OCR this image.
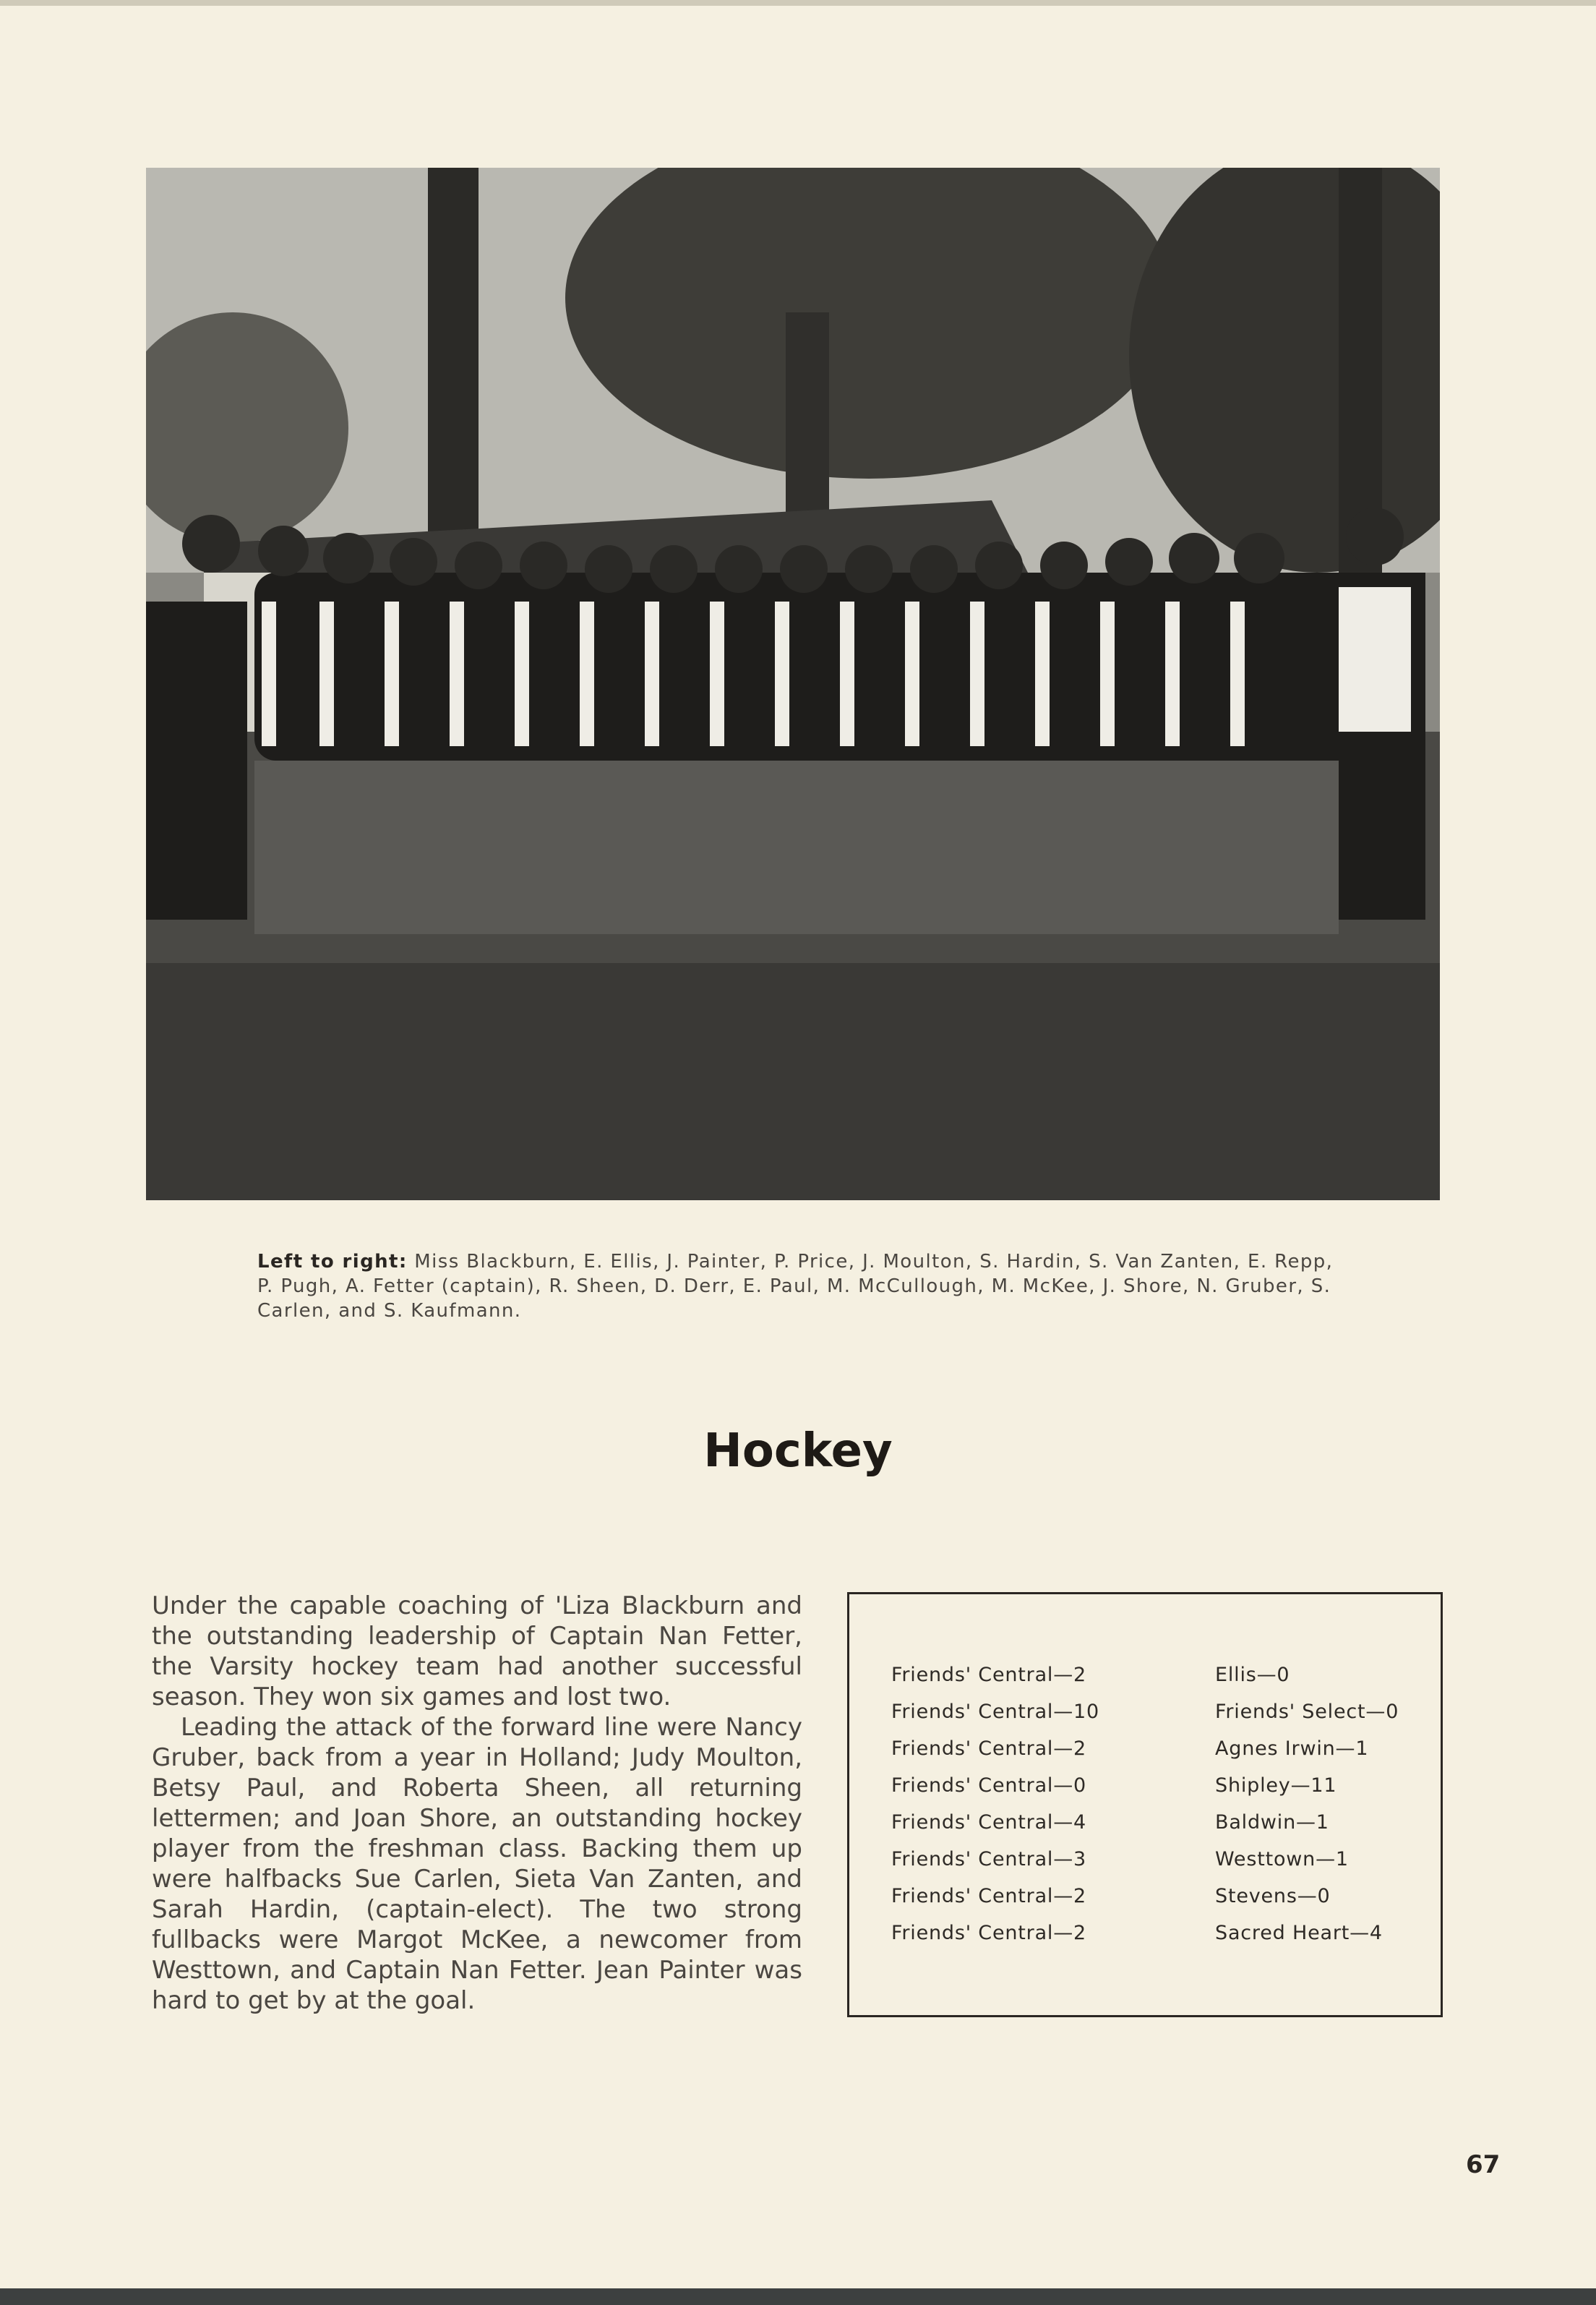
Left to right: Miss Blackburn, E. Ellis, J. Painter, P. Price, J. Moulton, S. Hardin, S. Van Zanten, E. Repp, P. Pugh, A. Fetter (captain), R. Sheen, D. Derr, E. Paul, M. McCullough, M. McKee, J. Shore, N. Gruber, S. Carlen, and S. Kaufmann.
Hockey

Under the capable coaching of 'Liza Blackburn and the outstanding leadership of Captain Nan Fetter, the Varsity hockey team had another successful season. They won six games and lost two.

Leading the attack of the forward line were Nancy Gruber, back from a year in Holland; Judy Moulton, Betsy Paul, and Roberta Sheen, all returning lettermen; and Joan Shore, an outstanding hockey player from the freshman class. Backing them up were halfbacks Sue Carlen, Sieta Van Zanten, and Sarah Hardin, (captain-elect). The two strong fullbacks were Margot McKee, a newcomer from Westtown, and Captain Nan Fetter. Jean Painter was hard to get by at the goal.

Friends' Central—2
Friends' Central—10
Friends' Central—2
Friends' Central—0
Friends' Central—4
Friends' Central—3
Friends' Central—2
Friends' Central—2
Ellis—0
Friends' Select—0
Agnes Irwin—1
Shipley—11
Baldwin—1
Westtown—1
Stevens—0
Sacred Heart—4
67
